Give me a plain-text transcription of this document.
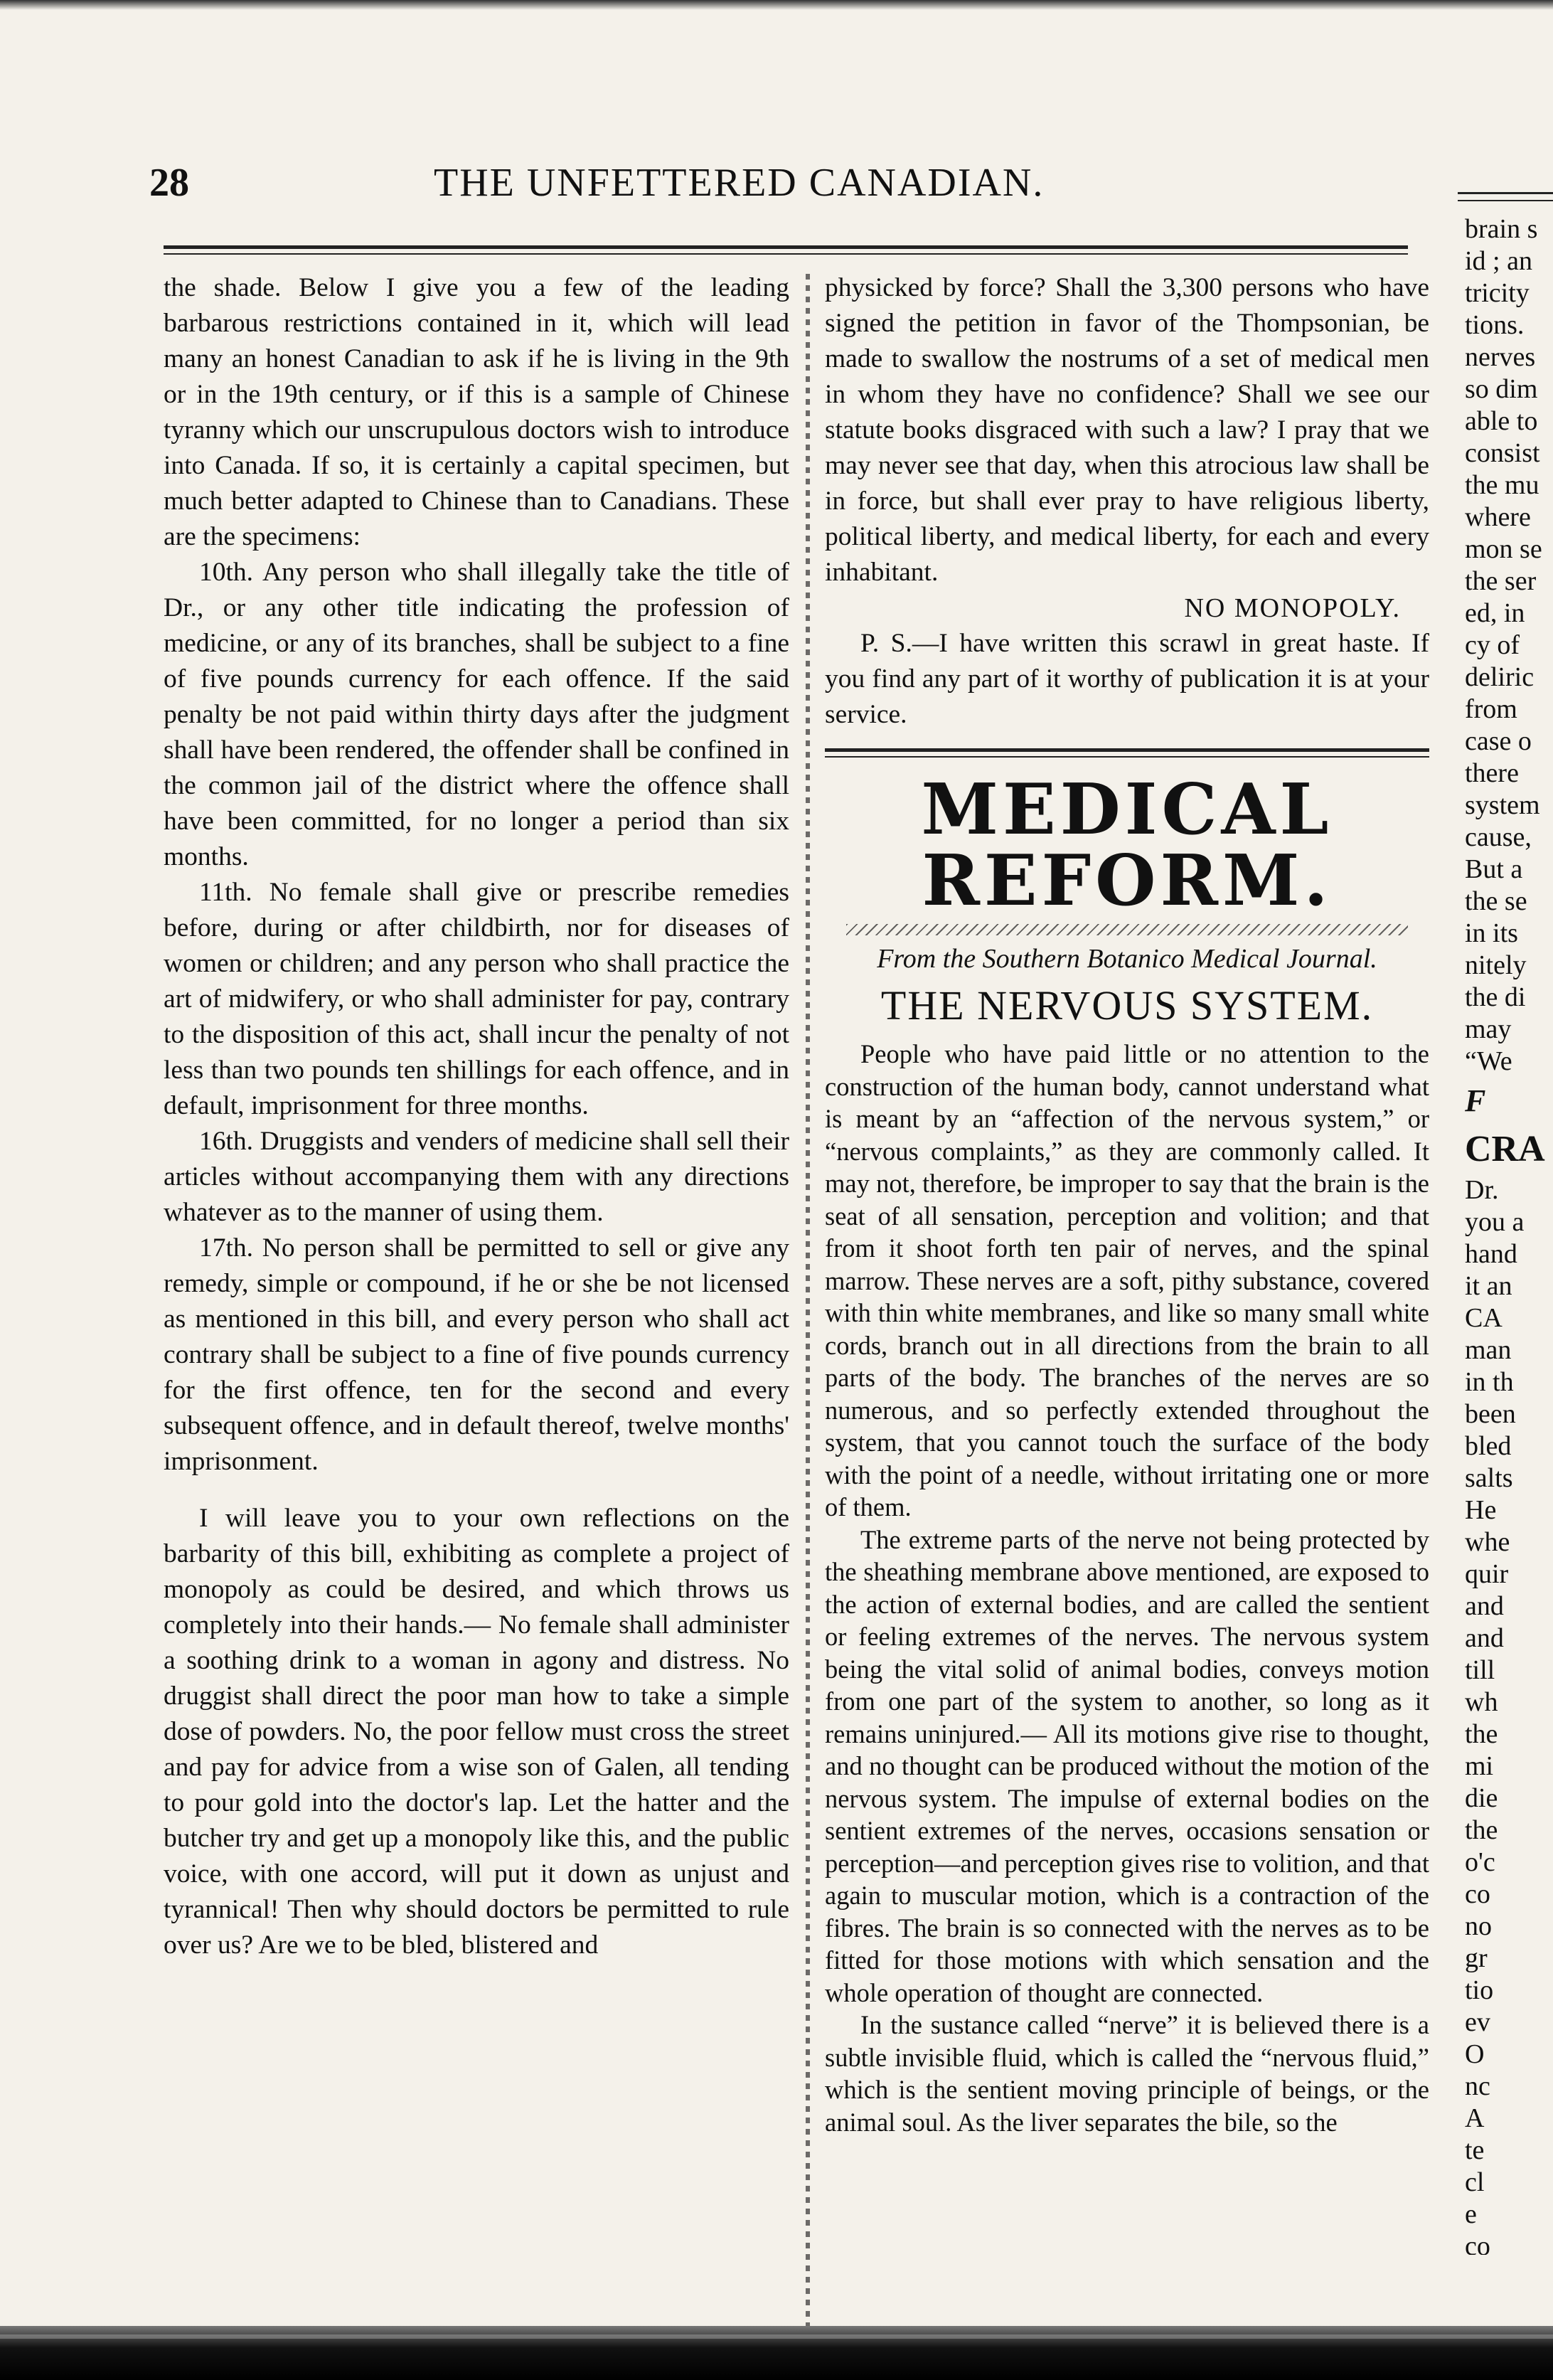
28	THE UNFETTERED CANADIAN.

the shade. Below I give you a few of the leading barbarous restrictions contained in it, which will lead many an honest Canadian to ask if he is living in the 9th or in the 19th century, or if this is a sample of Chinese tyranny which our unscrupulous doctors wish to introduce into Canada. If so, it is certainly a capital specimen, but much better adapted to Chinese than to Canadians. These are the specimens:

10th. Any person who shall illegally take the title of Dr., or any other title indicating the profession of medicine, or any of its branches, shall be subject to a fine of five pounds currency for each offence. If the said penalty be not paid within thirty days after the judgment shall have been rendered, the offender shall be confined in the common jail of the district where the offence shall have been committed, for no longer a period than six months.

11th. No female shall give or prescribe remedies before, during or after childbirth, nor for diseases of women or children; and any person who shall practice the art of midwifery, or who shall administer for pay, contrary to the disposition of this act, shall incur the penalty of not less than two pounds ten shillings for each offence, and in default, imprisonment for three months.

16th. Druggists and venders of medicine shall sell their articles without accompanying them with any directions whatever as to the manner of using them.

17th. No person shall be permitted to sell or give any remedy, simple or compound, if he or she be not licensed as mentioned in this bill, and every person who shall act contrary shall be subject to a fine of five pounds currency for the first offence, ten for the second and every subsequent offence, and in default thereof, twelve months' imprisonment.

I will leave you to your own reflections on the barbarity of this bill, exhibiting as complete a project of monopoly as could be desired, and which throws us completely into their hands.— No female shall administer a soothing drink to a woman in agony and distress. No druggist shall direct the poor man how to take a simple dose of powders. No, the poor fellow must cross the street and pay for advice from a wise son of Galen, all tending to pour gold into the doctor's lap. Let the hatter and the butcher try and get up a monopoly like this, and the public voice, with one accord, will put it down as unjust and tyrannical! Then why should doctors be permitted to rule over us? Are we to be bled, blistered and

physicked by force? Shall the 3,300 persons who have signed the petition in favor of the Thompsonian, be made to swallow the nostrums of a set of medical men in whom they have no confidence? Shall we see our statute books disgraced with such a law? I pray that we may never see that day, when this atrocious law shall be in force, but shall ever pray to have religious liberty, political liberty, and medical liberty, for each and every inhabitant.

NO MONOPOLY.

P. S.—I have written this scrawl in great haste. If you find any part of it worthy of publication it is at your service.

MEDICAL REFORM.
From the Southern Botanico Medical Journal.
THE NERVOUS SYSTEM.

People who have paid little or no attention to the construction of the human body, cannot understand what is meant by an “affection of the nervous system,” or “nervous complaints,” as they are commonly called. It may not, therefore, be improper to say that the brain is the seat of all sensation, perception and volition; and that from it shoot forth ten pair of nerves, and the spinal marrow. These nerves are a soft, pithy substance, covered with thin white membranes, and like so many small white cords, branch out in all directions from the brain to all parts of the body. The branches of the nerves are so numerous, and so perfectly extended throughout the system, that you cannot touch the surface of the body with the point of a needle, without irritating one or more of them.

The extreme parts of the nerve not being protected by the sheathing membrane above mentioned, are exposed to the action of external bodies, and are called the sentient or feeling extremes of the nerves. The nervous system being the vital solid of animal bodies, conveys motion from one part of the system to another, so long as it remains uninjured.— All its motions give rise to thought, and no thought can be produced without the motion of the nervous system. The impulse of external bodies on the sentient extremes of the nerves, occasions sensation or perception—and perception gives rise to volition, and that again to muscular motion, which is a contraction of the fibres. The brain is so connected with the nerves as to be fitted for those motions with which sensation and the whole operation of thought are connected.

In the sustance called “nerve” it is believed there is a subtle invisible fluid, which is called the “nervous fluid,” which is the sentient moving principle of beings, or the animal soul. As the liver separates the bile, so the

brain s
id ; an
tricity
tions.
nerves
so dim
able to
consist
the mu
where
mon se
the ser
ed, in
cy of
deliric
from
case o
there
system
cause,
But a
the se
in its
nitely
the di
may
“We
F
CRA
Dr.
you a
hand
it an
CA
man
in th
been
bled
salts
He
whe
quir
and
and
till
wh
the
mi
die
the
o'c
co
no
gr
tio
ev
O
nc
A
te
cl
e
co
